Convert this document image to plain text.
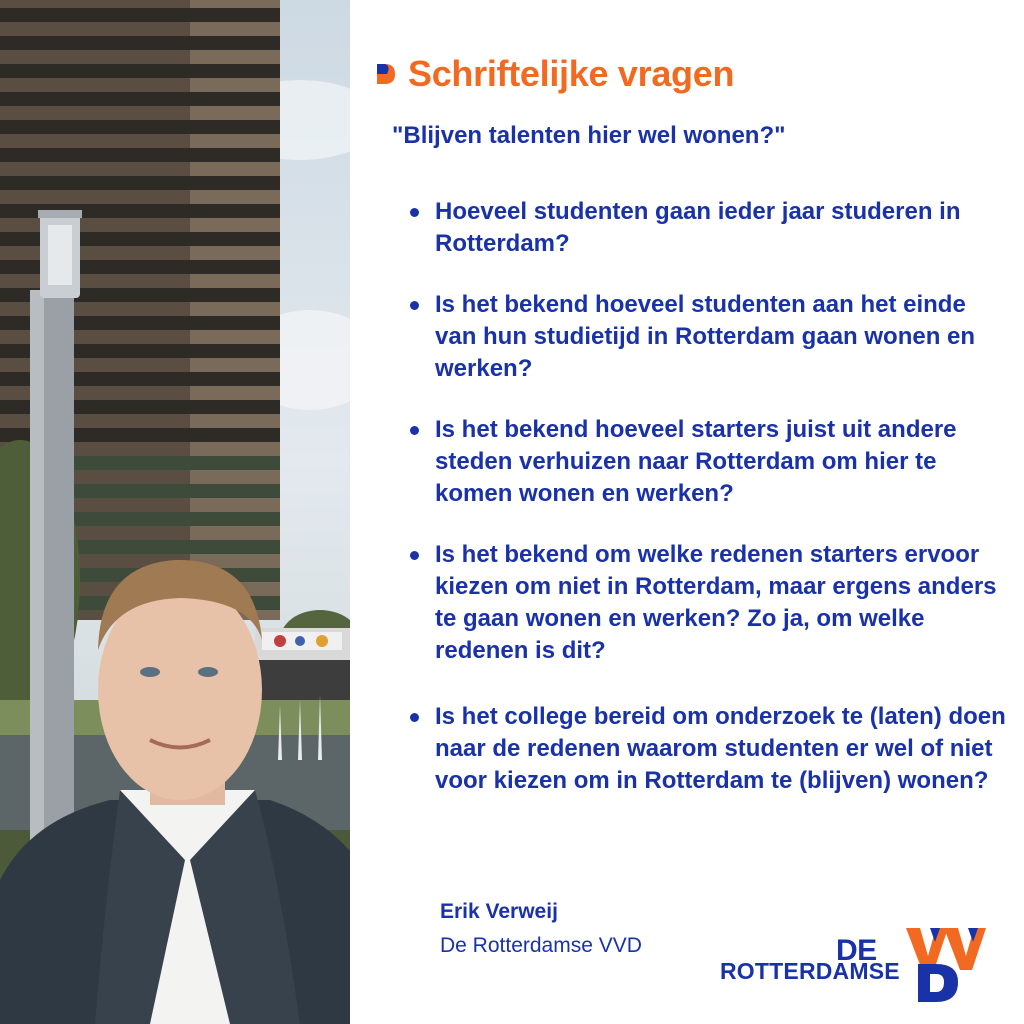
Schriftelijke vragen
"Blijven talenten hier wel wonen?"
Hoeveel studenten gaan ieder jaar studeren in Rotterdam?
Is het bekend hoeveel studenten aan het einde van hun studietijd in Rotterdam gaan wonen en werken?
Is het bekend hoeveel starters juist uit andere steden verhuizen naar Rotterdam om hier te komen wonen en werken?
Is het bekend om welke redenen starters ervoor kiezen om niet in Rotterdam, maar ergens anders te gaan wonen en werken? Zo ja, om welke redenen is dit?
Is het college bereid om onderzoek te (laten) doen naar de redenen waarom studenten er wel of niet voor kiezen om in Rotterdam te (blijven) wonen?
Erik Verweij
De Rotterdamse VVD	DE
ROTTERDAMSE
